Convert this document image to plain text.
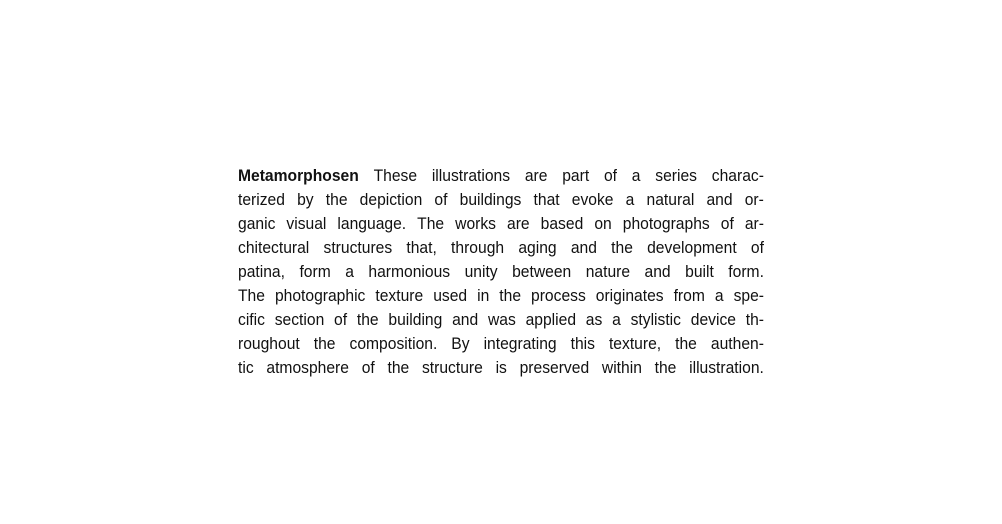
Metamorphosen These illustrations are part of a series charac-
terized by the depiction of buildings that evoke a natural and or-
ganic visual language. The works are based on photographs of ar-
chitectural structures that, through aging and the development of
patina, form a harmonious unity between nature and built form.
The photographic texture used in the process originates from a spe-
cific section of the building and was applied as a stylistic device th-
roughout the composition. By integrating this texture, the authen-
tic atmosphere of the structure is preserved within the illustration.
